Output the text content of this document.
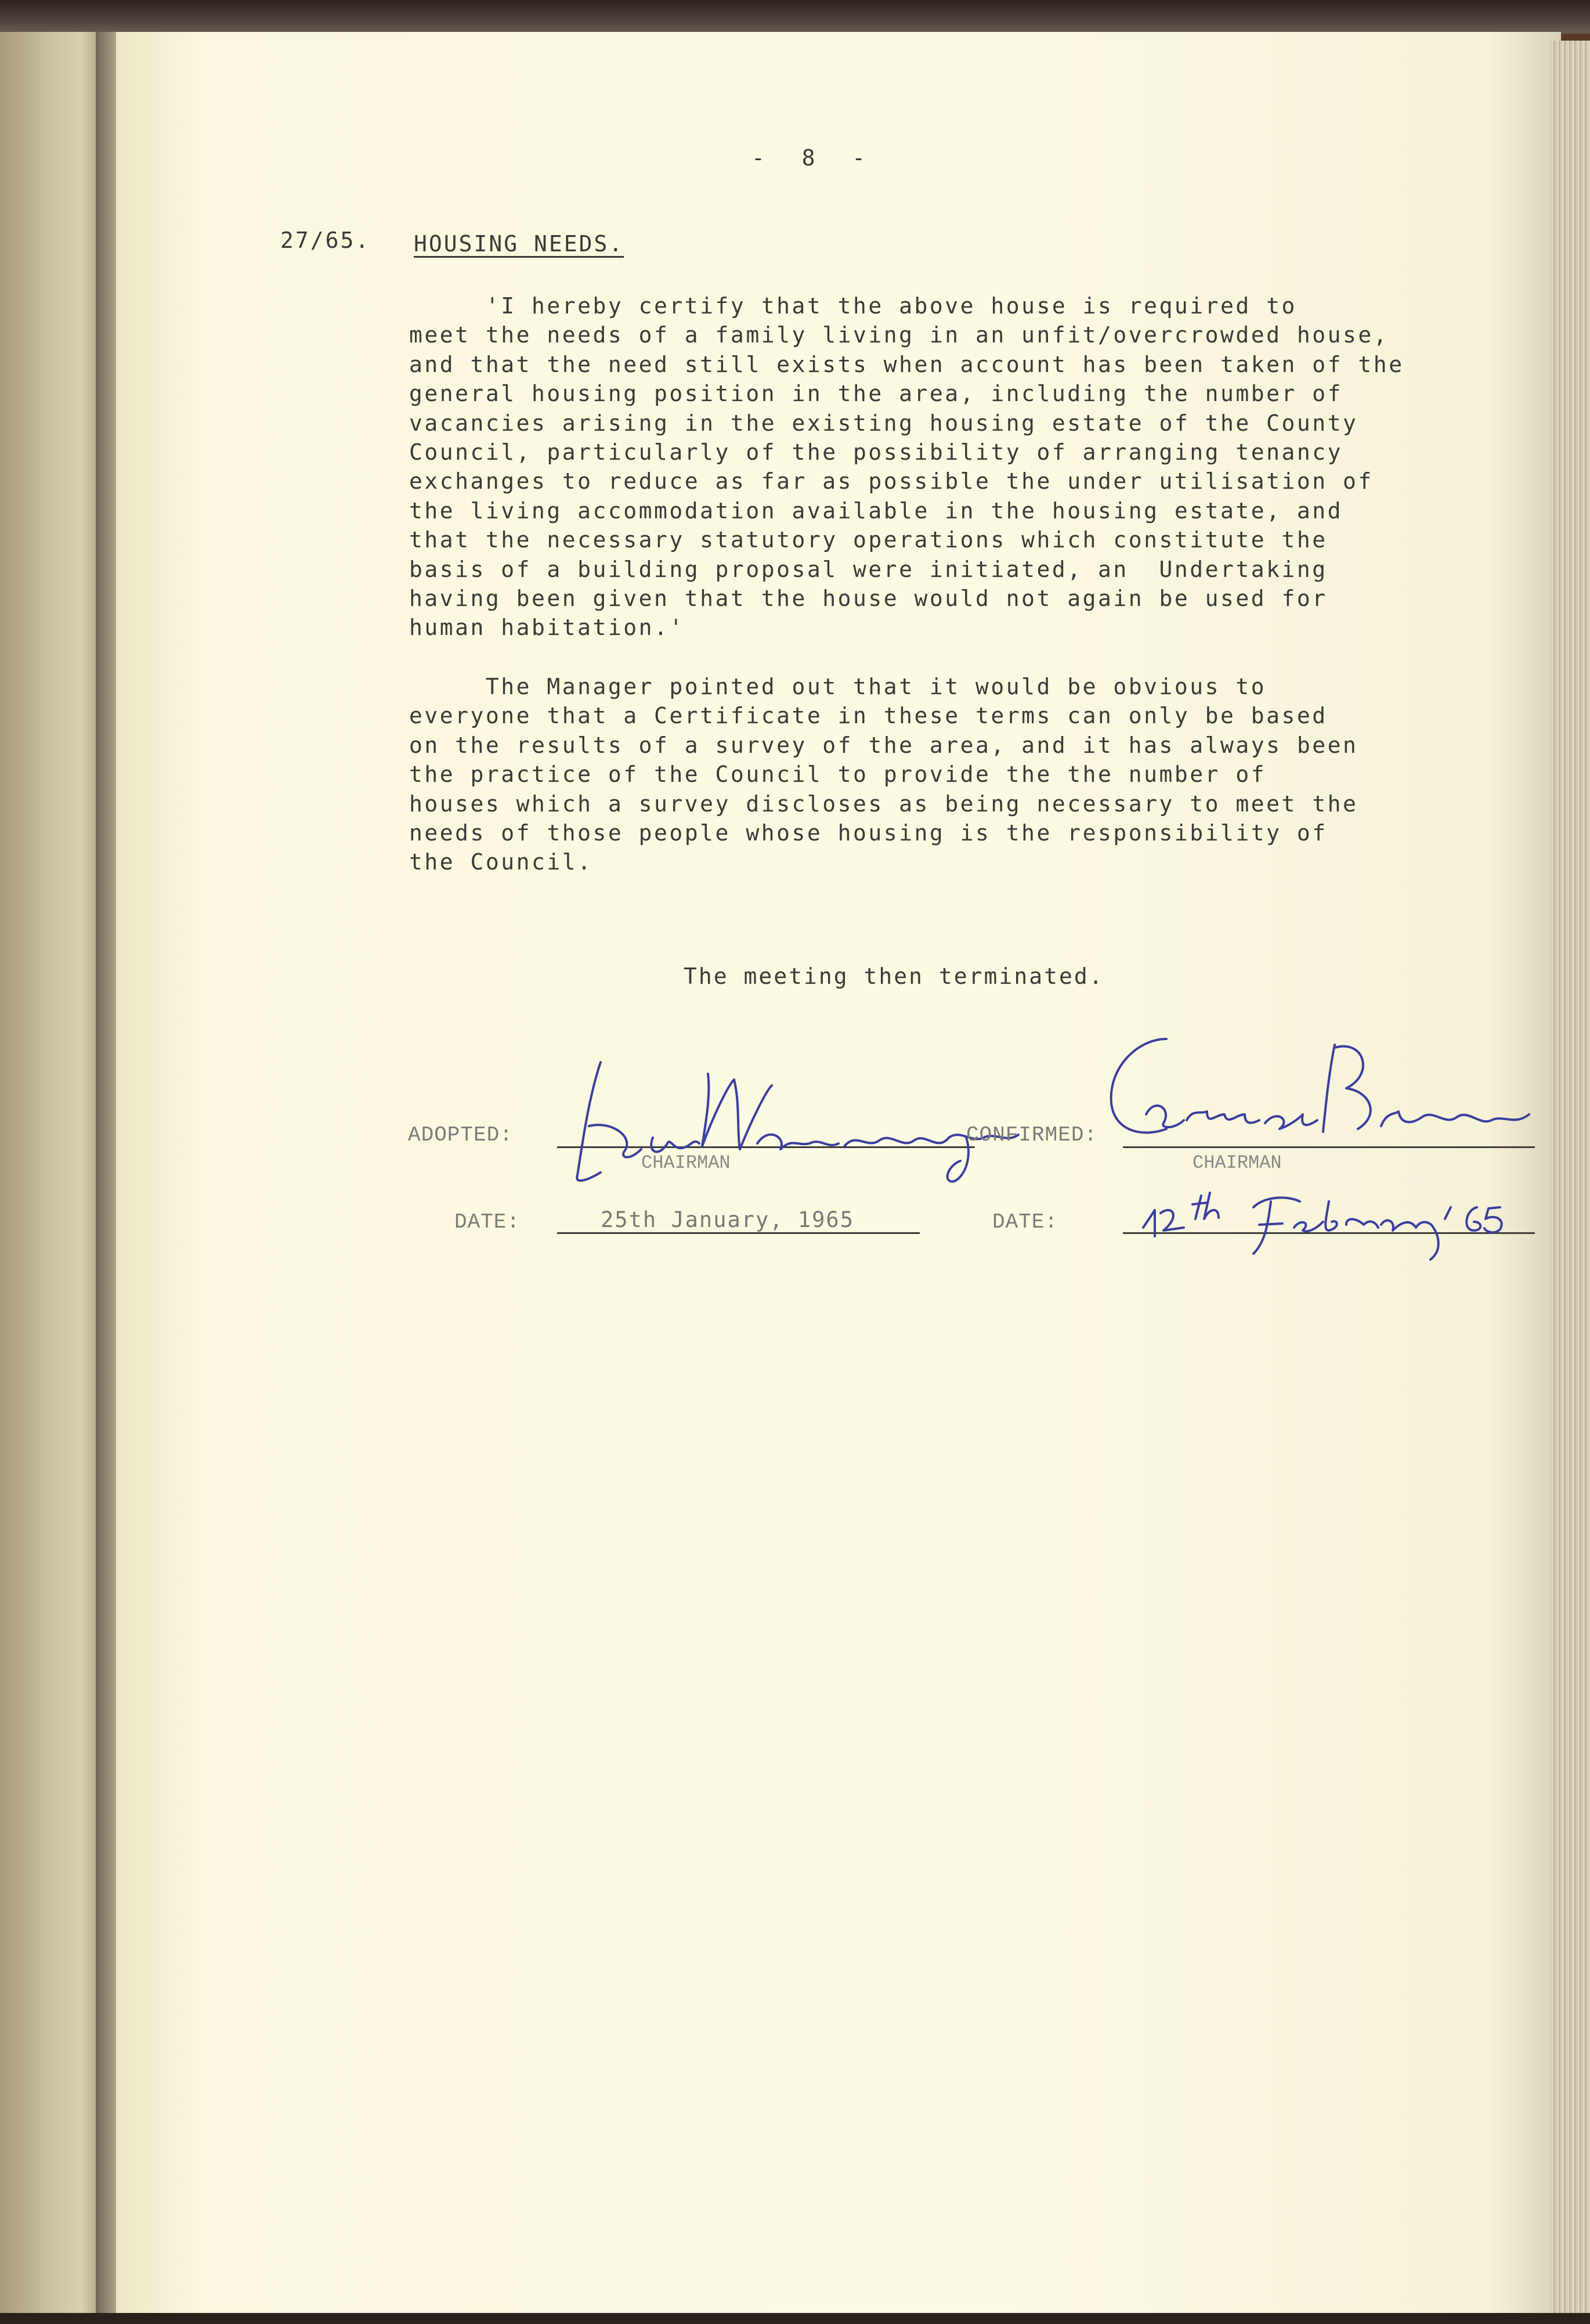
-  8  -
27/65. HOUSING NEEDS.
'I hereby certify that the above house is required to
meet the needs of a family living in an unfit/overcrowded house,
and that the need still exists when account has been taken of the
general housing position in the area, including the number of
vacancies arising in the existing housing estate of the County
Council, particularly of the possibility of arranging tenancy
exchanges to reduce as far as possible the under utilisation of
the living accommodation available in the housing estate, and
that the necessary statutory operations which constitute the
basis of a building proposal were initiated, an  Undertaking
having been given that the house would not again be used for
human habitation.'
The Manager pointed out that it would be obvious to
everyone that a Certificate in these terms can only be based
on the results of a survey of the area, and it has always been
the practice of the Council to provide the the number of
houses which a survey discloses as being necessary to meet the
needs of those people whose housing is the responsibility of
the Council.
The meeting then terminated.
ADOPTED:
CHAIRMAN
CONFIRMED:
CHAIRMAN
DATE:	25th January, 1965	DATE:
